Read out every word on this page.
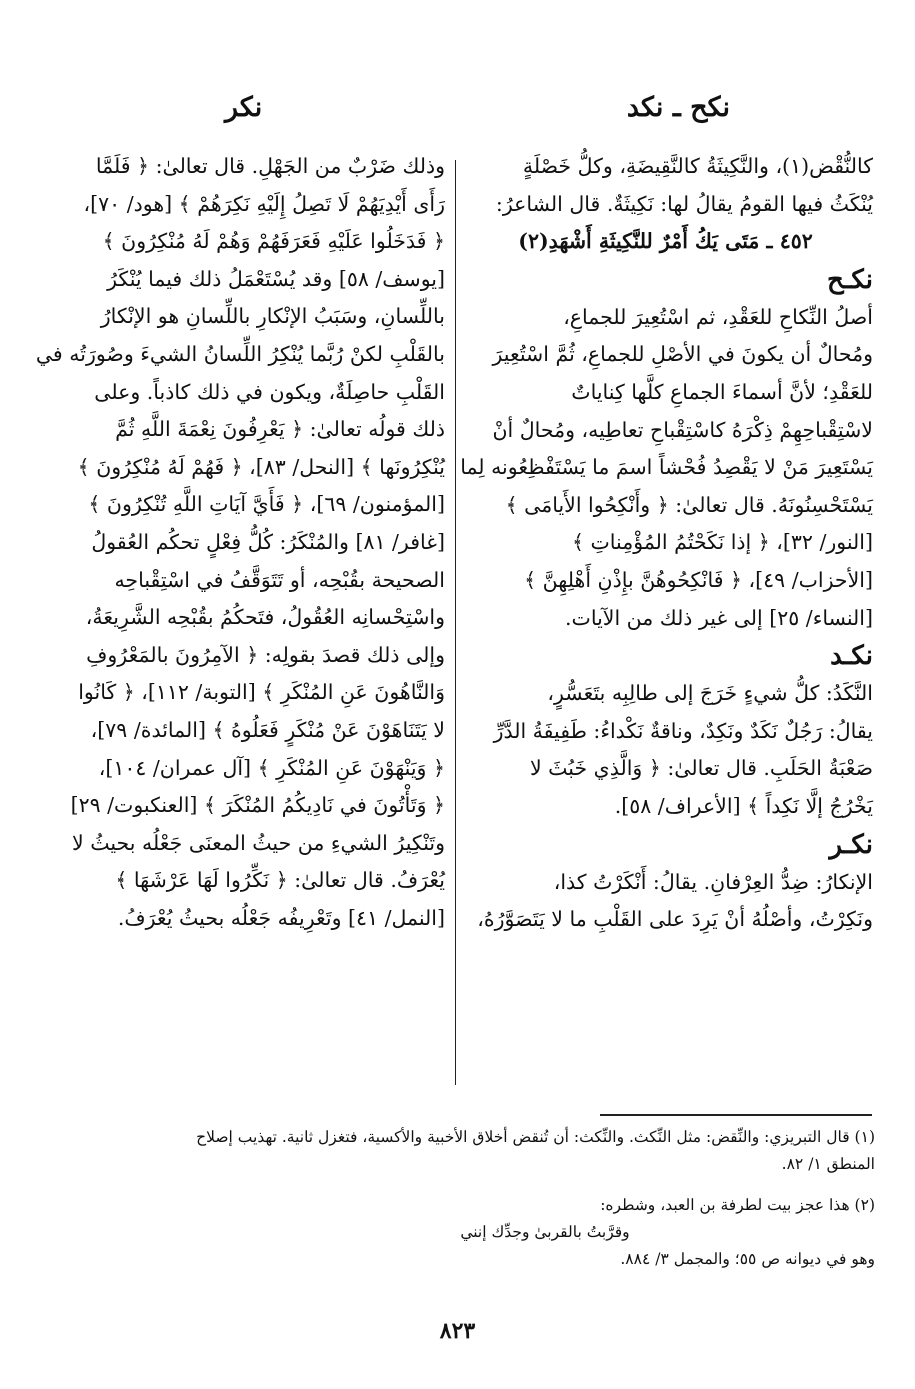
نكح ـ نكد
نكر

كالنُّقْض(١)، والنَّكِيثَةُ كالنَّقِيضَةِ، وكلُّ خَصْلَةٍ

يُنْكَثُ فيها القومُ يقالُ لها: نَكِيثَةٌ. قال الشاعرُ:

٤٥٢ ـ مَتَى يَكُ أَمْرٌ للنَّكِيثَةِ أَشْهَدِ(٢)

نكـح

أصلُ النِّكاحِ للعَقْدِ، ثم اسْتُعِيرَ للجماعِ،

ومُحالٌ أن يكونَ في الأصْلِ للجماعِ، ثُمَّ اسْتُعِيرَ

للعَقْدِ؛ لأنَّ أسماءَ الجماعِ كلَّها كِناياتٌ

لاسْتِقْباحِهِمْ ذِكْرَهُ كاسْتِقْباحِ تعاطِيه، ومُحالٌ أنْ

يَسْتَعِيرَ مَنْ لا يَقْصِدُ فُحْشاً اسمَ ما يَسْتَفْظِعُونه لِما

يَسْتَحْسِنُونَهُ. قال تعالىٰ: ﴿ وأَنْكِحُوا الأَيامَى ﴾

[النور/ ٣٢]، ﴿ إذا نَكَحْتُمُ المُؤْمِناتِ ﴾

[الأحزاب/ ٤٩]، ﴿ فَانْكِحُوهُنَّ بإِذْنِ أَهْلِهِنَّ ﴾

[النساء/ ٢٥] إلى غير ذلك من الآيات.

نكـد

النَّكَدُ: كلُّ شيءٍ خَرَجَ إلى طالِبِه بتَعَسُّرٍ،

يقالُ: رَجُلٌ نَكَدٌ ونَكِدٌ، وناقةٌ نَكْداءُ: طَفِيفَةُ الدَّرِّ

صَعْبَةُ الحَلَبِ. قال تعالىٰ: ﴿ وَالَّذِي خَبُثَ لا

يَخْرُجُ إلَّا نَكِداً ﴾ [الأعراف/ ٥٨].

نكـر

الإنكارُ: ضِدُّ العِرْفانِ. يقالُ: أَنْكَرْتُ كذا،

ونَكِرْتُ، وأصْلُهُ أنْ يَرِدَ على القَلْبِ ما لا يَتَصَوَّرُهُ،

وذلك ضَرْبٌ من الجَهْلِ. قال تعالىٰ: ﴿ فَلَمَّا

رَأَى أَيْدِيَهُمْ لَا تَصِلُ إِلَيْهِ نَكِرَهُمْ ﴾ [هود/ ٧٠]،

﴿ فَدَخَلُوا عَلَيْهِ فَعَرَفَهُمْ وَهُمْ لَهُ مُنْكِرُونَ ﴾

[يوسف/ ٥٨] وقد يُسْتَعْمَلُ ذلك فيما يُنْكَرُ

باللِّسانِ، وسَبَبُ الإنْكارِ باللِّسانِ هو الإنْكارُ

بالقَلْبِ لكنْ رُبَّما يُنْكِرُ اللِّسانُ الشيءَ وصُورَتُه في

القَلْبِ حاصِلَةٌ، ويكون في ذلك كاذباً. وعلى

ذلك قولُه تعالىٰ: ﴿ يَعْرِفُونَ نِعْمَةَ اللَّهِ ثُمَّ

يُنْكِرُونَها ﴾ [النحل/ ٨٣]، ﴿ فَهُمْ لَهُ مُنْكِرُونَ ﴾

[المؤمنون/ ٦٩]، ﴿ فَأَيَّ آيَاتِ اللَّهِ تُنْكِرُونَ ﴾

[غافر/ ٨١] والمُنْكَرُ: كُلُّ فِعْلٍ تحكُم العُقولُ

الصحيحة بقُبْحِه، أو تَتَوَقَّفُ في اسْتِقْباحِه

واسْتِحْسانِه العُقُولُ، فتَحكُمُ بقُبْحِه الشَّرِيعَةُ،

وإلى ذلك قصدَ بقولِه: ﴿ الآمِرُونَ بالمَعْرُوفِ

وَالنَّاهُونَ عَنِ المُنْكَرِ ﴾ [التوبة/ ١١٢]، ﴿ كَانُوا

لا يَتَنَاهَوْنَ عَنْ مُنْكَرٍ فَعَلُوهُ ﴾ [المائدة/ ٧٩]،

﴿ وَيَنْهَوْنَ عَنِ المُنْكَرِ ﴾ [آل عمران/ ١٠٤]،

﴿ وَتَأْتُونَ في نَادِيكُمُ المُنْكَرَ ﴾ [العنكبوت/ ٢٩]

وتَنْكِيرُ الشيءِ من حيثُ المعنَى جَعْلُه بحيثُ لا

يُعْرَفُ. قال تعالىٰ: ﴿ نَكِّرُوا لَهَا عَرْشَهَا ﴾

[النمل/ ٤١] وتَعْرِيفُه جَعْلُه بحيثُ يُعْرَفُ.

(١) قال التبريزي: والنِّقض: مثل النِّكث. والنِّكث: أن تُنقض أخلاق الأخبية والأكسية، فتغزل ثانية. تهذيب إصلاح
المنطق ١/ ٨٢.
(٢) هذا عجز بيت لطرفة بن العبد، وشطره:
وقرَّبتُ بالقربىٰ وجدِّك إنني
وهو في ديوانه ص ٥٥؛ والمجمل ٣/ ٨٨٤.
٨٢٣
